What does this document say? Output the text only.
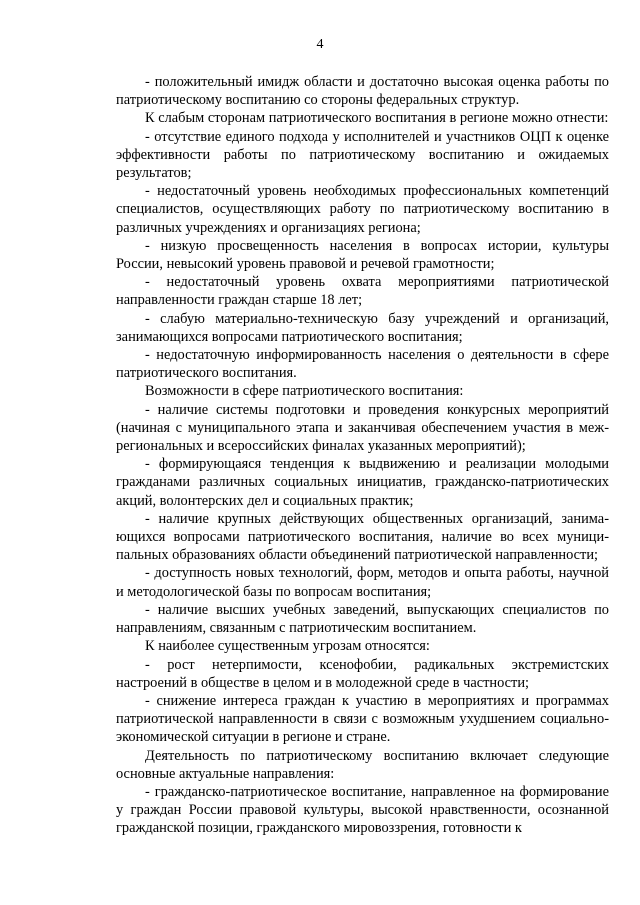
4

- положительный имидж области и достаточно высокая оценка работы по патриотическому воспитанию со стороны федеральных структур.

К слабым сторонам патриотического воспитания в регионе можно отнести:

- отсутствие единого подхода у исполнителей и участников ОЦП к оценке эффективности работы по патриотическому воспитанию и ожидаемых результатов;

- недостаточный уровень необходимых профессиональных компетенций специалистов, осуществляющих работу по патриотическому воспитанию в различных учреждениях и организациях региона;

- низкую просвещенность населения в вопросах истории, культуры России, невысокий уровень правовой и речевой грамотности;

- недостаточный уровень охвата мероприятиями патриотической направленности граждан старше 18 лет;

- слабую материально-техническую базу учреждений и организаций, занимающихся вопросами патриотического воспитания;

- недостаточную информированность населения о деятельности в сфере патриотического воспитания.

Возможности в сфере патриотического воспитания:

- наличие системы подготовки и проведения конкурсных мероприятий (начиная с муниципального этапа и заканчивая обеспечением участия в межрегиональных и всероссийских финалах указанных мероприятий);

- формирующаяся тенденция к выдвижению и реализации молодыми гражданами различных социальных инициатив, гражданско-патриотических акций, волонтерских дел и социальных практик;

- наличие крупных действующих общественных организаций, занимающихся вопросами патриотического воспитания, наличие во всех муниципальных образованиях области объединений патриотической направленности;

- доступность новых технологий, форм, методов и опыта работы, научной и методологической базы по вопросам воспитания;

- наличие высших учебных заведений, выпускающих специалистов по направлениям, связанным с патриотическим воспитанием.

К наиболее существенным угрозам относятся:

- рост нетерпимости, ксенофобии, радикальных экстремистских настроений в обществе в целом и в молодежной среде в частности;

- снижение интереса граждан к участию в мероприятиях и программах патриотической направленности в связи с возможным ухудшением социально-экономической ситуации в регионе и стране.

Деятельность по патриотическому воспитанию включает следующие основные актуальные направления:

- гражданско-патриотическое воспитание, направленное на формирование у граждан России правовой культуры, высокой нравственности, осознанной гражданской позиции, гражданского мировоззрения, готовности к
